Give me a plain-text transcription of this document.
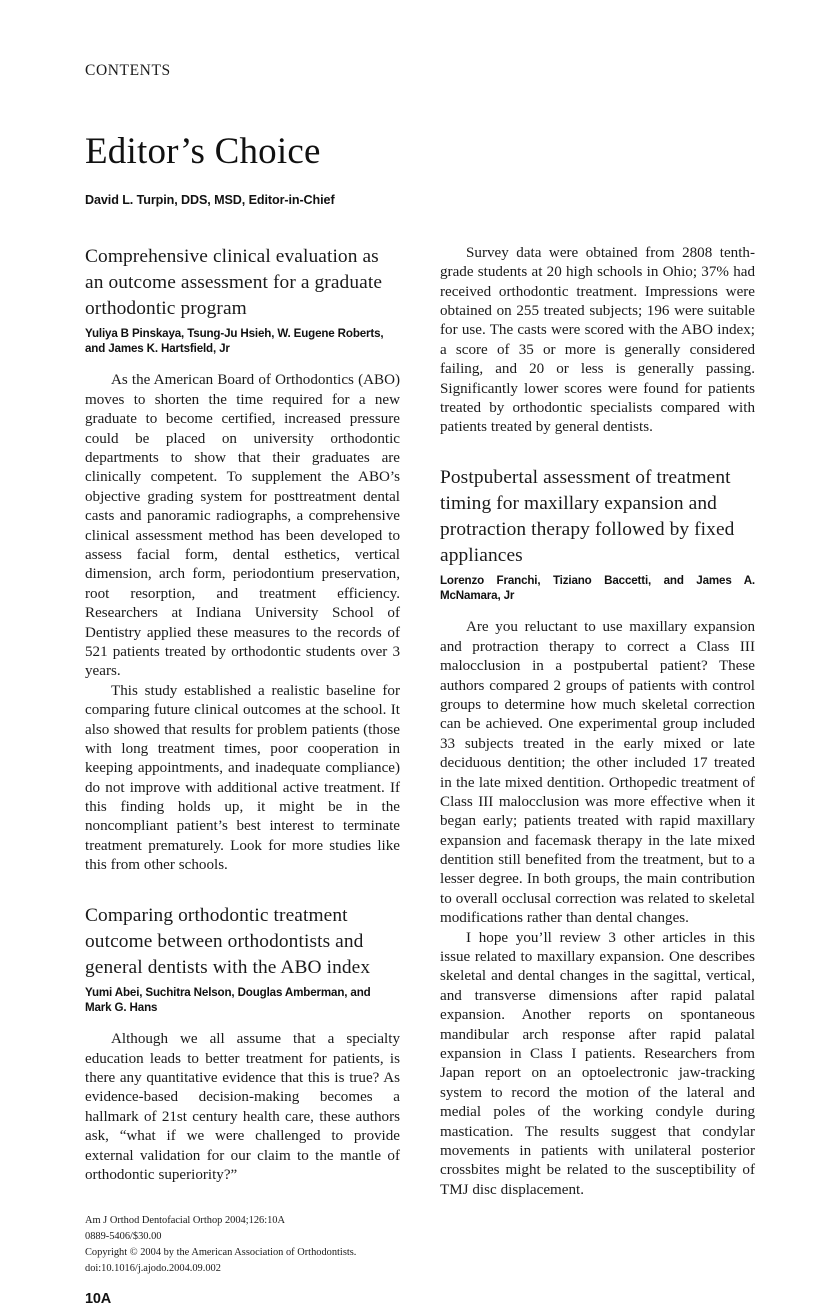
CONTENTS
Editor’s Choice
David L. Turpin, DDS, MSD, Editor-in-Chief
Comprehensive clinical evaluation as an outcome assessment for a graduate orthodontic program
Yuliya B Pinskaya, Tsung-Ju Hsieh, W. Eugene Roberts, and James K. Hartsfield, Jr

As the American Board of Orthodontics (ABO) moves to shorten the time required for a new graduate to become certified, increased pressure could be placed on university orthodontic departments to show that their graduates are clinically competent. To supplement the ABO’s objective grading system for posttreatment dental casts and panoramic radiographs, a comprehensive clinical assessment method has been developed to assess facial form, dental esthetics, vertical dimension, arch form, periodontium preservation, root resorption, and treatment efficiency. Researchers at Indiana University School of Dentistry applied these measures to the records of 521 patients treated by orthodontic students over 3 years.

This study established a realistic baseline for comparing future clinical outcomes at the school. It also showed that results for problem patients (those with long treatment times, poor cooperation in keeping appointments, and inadequate compliance) do not improve with additional active treatment. If this finding holds up, it might be in the noncompliant patient’s best interest to terminate treatment prematurely. Look for more studies like this from other schools.

Comparing orthodontic treatment outcome between orthodontists and general dentists with the ABO index
Yumi Abei, Suchitra Nelson, Douglas Amberman, and Mark G. Hans

Although we all assume that a specialty education leads to better treatment for patients, is there any quantitative evidence that this is true? As evidence-based decision-making becomes a hallmark of 21st century health care, these authors ask, “what if we were challenged to provide external validation for our claim to the mantle of orthodontic superiority?”

Am J Orthod Dentofacial Orthop 2004;126:10A
0889-5406/$30.00
Copyright © 2004 by the American Association of Orthodontists.
doi:10.1016/j.ajodo.2004.09.002
10A

Survey data were obtained from 2808 tenth-grade students at 20 high schools in Ohio; 37% had received orthodontic treatment. Impressions were obtained on 255 treated subjects; 196 were suitable for use. The casts were scored with the ABO index; a score of 35 or more is generally considered failing, and 20 or less is generally passing. Significantly lower scores were found for patients treated by orthodontic specialists compared with patients treated by general dentists.

Postpubertal assessment of treatment timing for maxillary expansion and protraction therapy followed by fixed appliances
Lorenzo Franchi, Tiziano Baccetti, and James A. McNamara, Jr

Are you reluctant to use maxillary expansion and protraction therapy to correct a Class III malocclusion in a postpubertal patient? These authors compared 2 groups of patients with control groups to determine how much skeletal correction can be achieved. One experimental group included 33 subjects treated in the early mixed or late deciduous dentition; the other included 17 treated in the late mixed dentition. Orthopedic treatment of Class III malocclusion was more effective when it began early; patients treated with rapid maxillary expansion and facemask therapy in the late mixed dentition still benefited from the treatment, but to a lesser degree. In both groups, the main contribution to overall occlusal correction was related to skeletal modifications rather than dental changes.

I hope you’ll review 3 other articles in this issue related to maxillary expansion. One describes skeletal and dental changes in the sagittal, vertical, and transverse dimensions after rapid palatal expansion. Another reports on spontaneous mandibular arch response after rapid palatal expansion in Class I patients. Researchers from Japan report on an optoelectronic jaw-tracking system to record the motion of the lateral and medial poles of the working condyle during mastication. The results suggest that condylar movements in patients with unilateral posterior crossbites might be related to the susceptibility of TMJ disc displacement.
